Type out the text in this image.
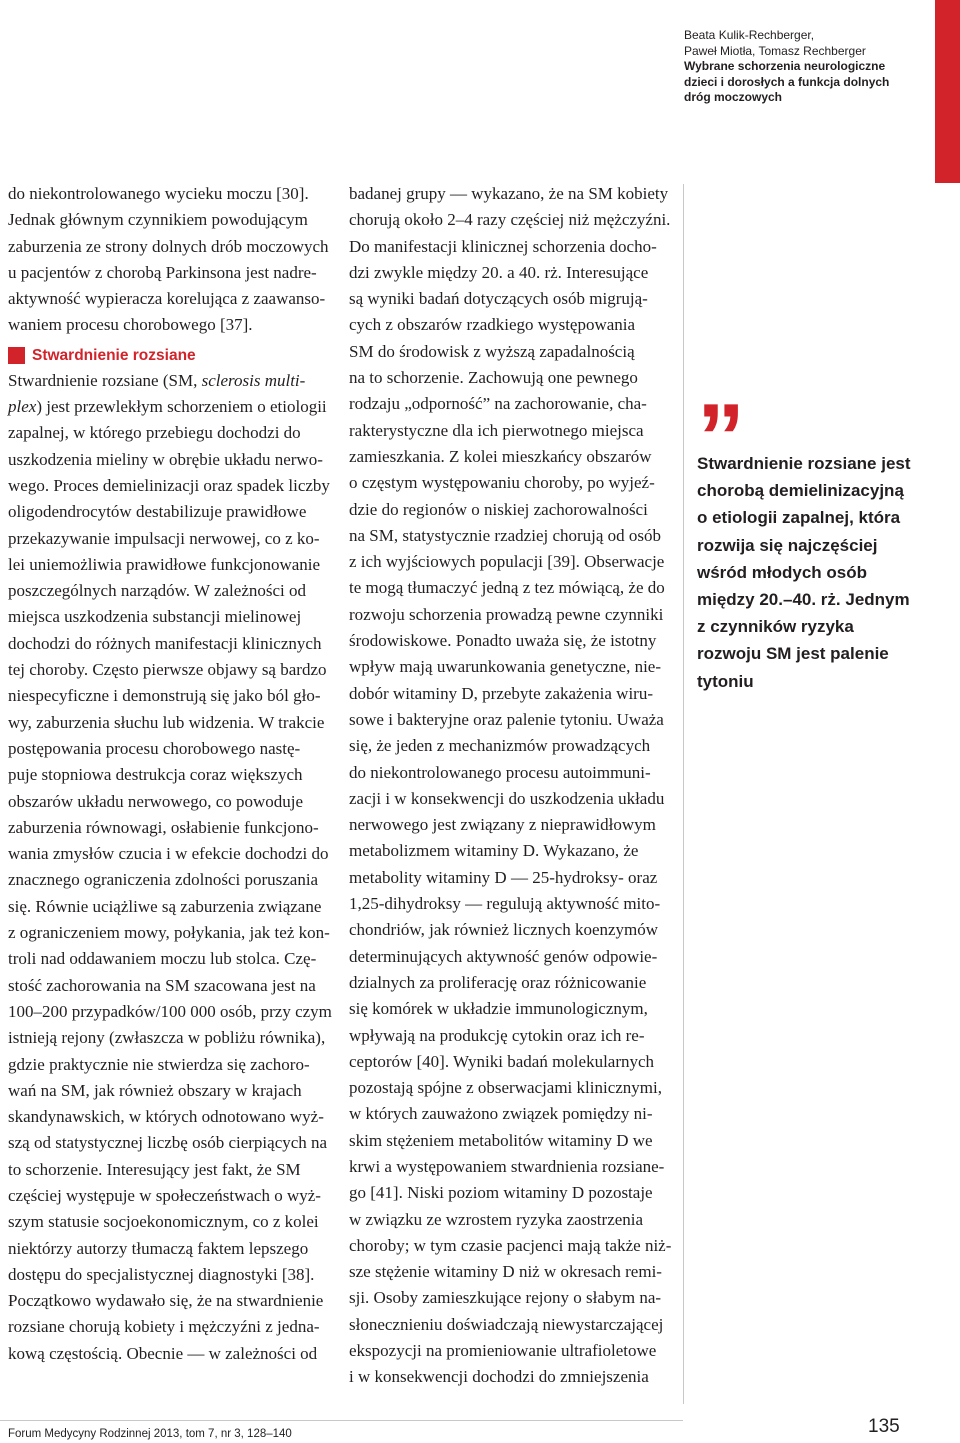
Beata Kulik-Rechberger,
Paweł Miotła, Tomasz Rechberger
Wybrane schorzenia neurologiczne
dzieci i dorosłych a funkcja dolnych
dróg moczowych
do niekontrolowanego wycieku moczu [30].
Jednak głównym czynnikiem powodującym
zaburzenia ze strony dolnych drób moczowych
u pacjentów z chorobą Parkinsona jest nadre-
aktywność wypieracza korelująca z zaawanso-
waniem procesu chorobowego [37].
Stwardnienie rozsiane
Stwardnienie rozsiane (SM, sclerosis multi-
plex) jest przewlekłym schorzeniem o etiologii
zapalnej, w którego przebiegu dochodzi do
uszkodzenia mieliny w obrębie układu nerwo-
wego. Proces demielinizacji oraz spadek liczby
oligodendrocytów destabilizuje prawidłowe
przekazywanie impulsacji nerwowej, co z ko-
lei uniemożliwia prawidłowe funkcjonowanie
poszczególnych narządów. W zależności od
miejsca uszkodzenia substancji mielinowej
dochodzi do różnych manifestacji klinicznych
tej choroby. Często pierwsze objawy są bardzo
niespecyficzne i demonstrują się jako ból gło-
wy, zaburzenia słuchu lub widzenia. W trakcie
postępowania procesu chorobowego nastę-
puje stopniowa destrukcja coraz większych
obszarów układu nerwowego, co powoduje
zaburzenia równowagi, osłabienie funkcjono-
wania zmysłów czucia i w efekcie dochodzi do
znacznego ograniczenia zdolności poruszania
się. Równie uciążliwe są zaburzenia związane
z ograniczeniem mowy, połykania, jak też kon-
troli nad oddawaniem moczu lub stolca. Czę-
stość zachorowania na SM szacowana jest na
100–200 przypadków/100 000 osób, przy czym
istnieją rejony (zwłaszcza w pobliżu równika),
gdzie praktycznie nie stwierdza się zachoro-
wań na SM, jak również obszary w krajach
skandynawskich, w których odnotowano wyż-
szą od statystycznej liczbę osób cierpiących na
to schorzenie. Interesujący jest fakt, że SM
częściej występuje w społeczeństwach o wyż-
szym statusie socjoekonomicznym, co z kolei
niektórzy autorzy tłumaczą faktem lepszego
dostępu do specjalistycznej diagnostyki [38].
Początkowo wydawało się, że na stwardnienie
rozsiane chorują kobiety i mężczyźni z jedna-
kową częstością. Obecnie — w zależności od
badanej grupy — wykazano, że na SM kobiety
chorują około 2–4 razy częściej niż mężczyźni.
Do manifestacji klinicznej schorzenia docho-
dzi zwykle między 20. a 40. rż. Interesujące
są wyniki badań dotyczących osób migrują-
cych z obszarów rzadkiego występowania
SM do środowisk z wyższą zapadalnością
na to schorzenie. Zachowują one pewnego
rodzaju „odporność” na zachorowanie, cha-
rakterystyczne dla ich pierwotnego miejsca
zamieszkania. Z kolei mieszkańcy obszarów
o częstym występowaniu choroby, po wyjeź-
dzie do regionów o niskiej zachorowalności
na SM, statystycznie rzadziej chorują od osób
z ich wyjściowych populacji [39]. Obserwacje
te mogą tłumaczyć jedną z tez mówiącą, że do
rozwoju schorzenia prowadzą pewne czynniki
środowiskowe. Ponadto uważa się, że istotny
wpływ mają uwarunkowania genetyczne, nie-
dobór witaminy D, przebyte zakażenia wiru-
sowe i bakteryjne oraz palenie tytoniu. Uważa
się, że jeden z mechanizmów prowadzących
do niekontrolowanego procesu autoimmuni-
zacji i w konsekwencji do uszkodzenia układu
nerwowego jest związany z nieprawidłowym
metabolizmem witaminy D. Wykazano, że
metabolity witaminy D — 25-hydroksy- oraz
1,25-dihydroksy — regulują aktywność mito-
chondriów, jak również licznych koenzymów
determinujących aktywność genów odpowie-
dzialnych za proliferację oraz różnicowanie
się komórek w układzie immunologicznym,
wpływają na produkcję cytokin oraz ich re-
ceptorów [40]. Wyniki badań molekularnych
pozostają spójne z obserwacjami klinicznymi,
w których zauważono związek pomiędzy ni-
skim stężeniem metabolitów witaminy D we
krwi a występowaniem stwardnienia rozsiane-
go [41]. Niski poziom witaminy D pozostaje
w związku ze wzrostem ryzyka zaostrzenia
choroby; w tym czasie pacjenci mają także niż-
sze stężenie witaminy D niż w okresach remi-
sji. Osoby zamieszkujące rejony o słabym na-
słonecznieniu doświadczają niewystarczającej
ekspozycji na promieniowanie ultrafioletowe
i w konsekwencji dochodzi do zmniejszenia
”
Stwardnienie rozsiane jest
chorobą demielinizacyjną
o etiologii zapalnej, która
rozwija się najczęściej
wśród młodych osób
między 20.–40. rż. Jednym
z czynników ryzyka
rozwoju SM jest palenie
tytoniu
Forum Medycyny Rodzinnej 2013, tom 7, nr 3, 128–140	135
